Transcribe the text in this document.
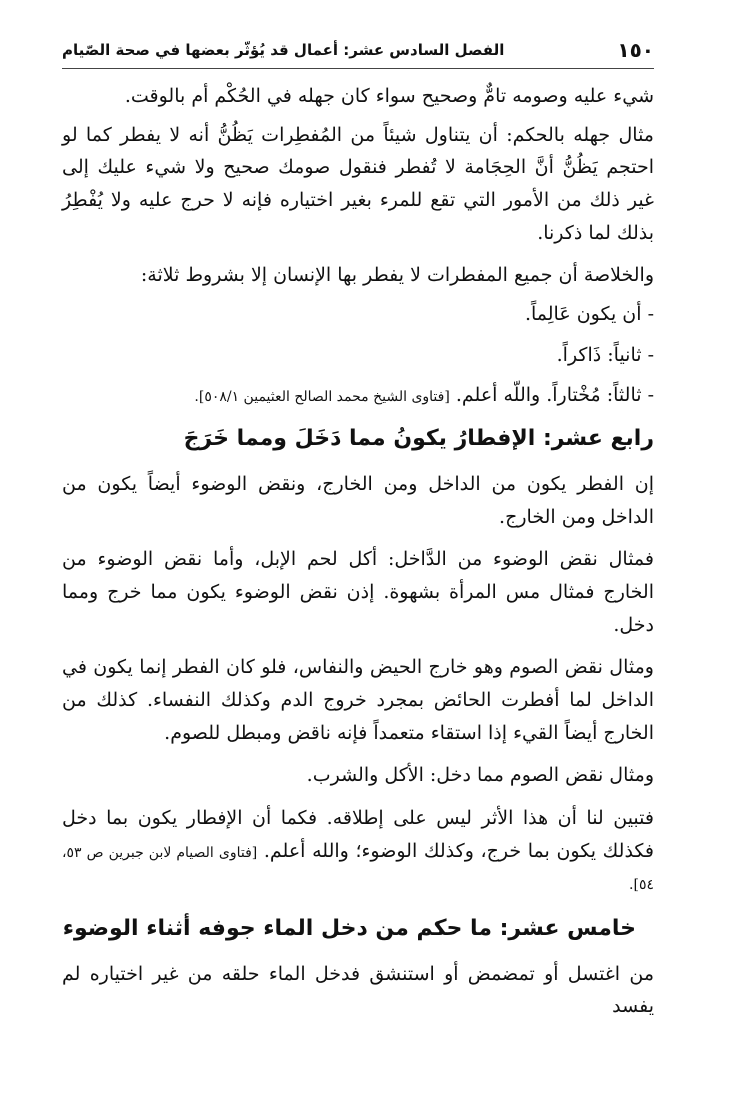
١٥٠
الفصل السادس عشر: أعمال قد يُؤثّر بعضها في صحة الصّيام

شيء عليه وصومه تامٌّ وصحيح سواء كان جهله في الحُكْم أم بالوقت.

مثال جهله بالحكم: أن يتناول شيئاً من المُفطِرات يَظُنُّ أنه لا يفطر كما لو احتجم يَظُنُّ أنَّ الحِجَامة لا تُفطر فنقول صومك صحيح ولا شيء عليك إلى غير ذلك من الأمور التي تقع للمرء بغير اختياره فإنه لا حرج عليه ولا يُفْطِرُ بذلك لما ذكرنا.

والخلاصة أن جميع المفطرات لا يفطر بها الإنسان إلا بشروط ثلاثة:

- أن يكون عَالِماً.

- ثانياً: ذَاكراً.

- ثالثاً: مُخْتاراً. واللّه أعلم. [فتاوى الشيخ محمد الصالح العثيمين ٥٠٨/١].

رابع عشر: الإفطارُ يكونُ مما دَخَلَ ومما خَرَجَ

إن الفطر يكون من الداخل ومن الخارج، ونقض الوضوء أيضاً يكون من الداخل ومن الخارج.

فمثال نقض الوضوء من الدَّاخل: أكل لحم الإبل، وأما نقض الوضوء من الخارج فمثال مس المرأة بشهوة. إذن نقض الوضوء يكون مما خرج ومما دخل.

ومثال نقض الصوم وهو خارج الحيض والنفاس، فلو كان الفطر إنما يكون في الداخل لما أفطرت الحائض بمجرد خروج الدم وكذلك النفساء. كذلك من الخارج أيضاً القيء إذا استقاء متعمداً فإنه ناقض ومبطل للصوم.

ومثال نقض الصوم مما دخل: الأكل والشرب.

فتبين لنا أن هذا الأثر ليس على إطلاقه. فكما أن الإفطار يكون بما دخل فكذلك يكون بما خرج، وكذلك الوضوء؛ والله أعلم. [فتاوى الصيام لابن جبرين ص ٥٣، ٥٤].

خامس عشر: ما حكم من دخل الماء جوفه أثناء الوضوء

من اغتسل أو تمضمض أو استنشق فدخل الماء حلقه من غير اختياره لم يفسد
